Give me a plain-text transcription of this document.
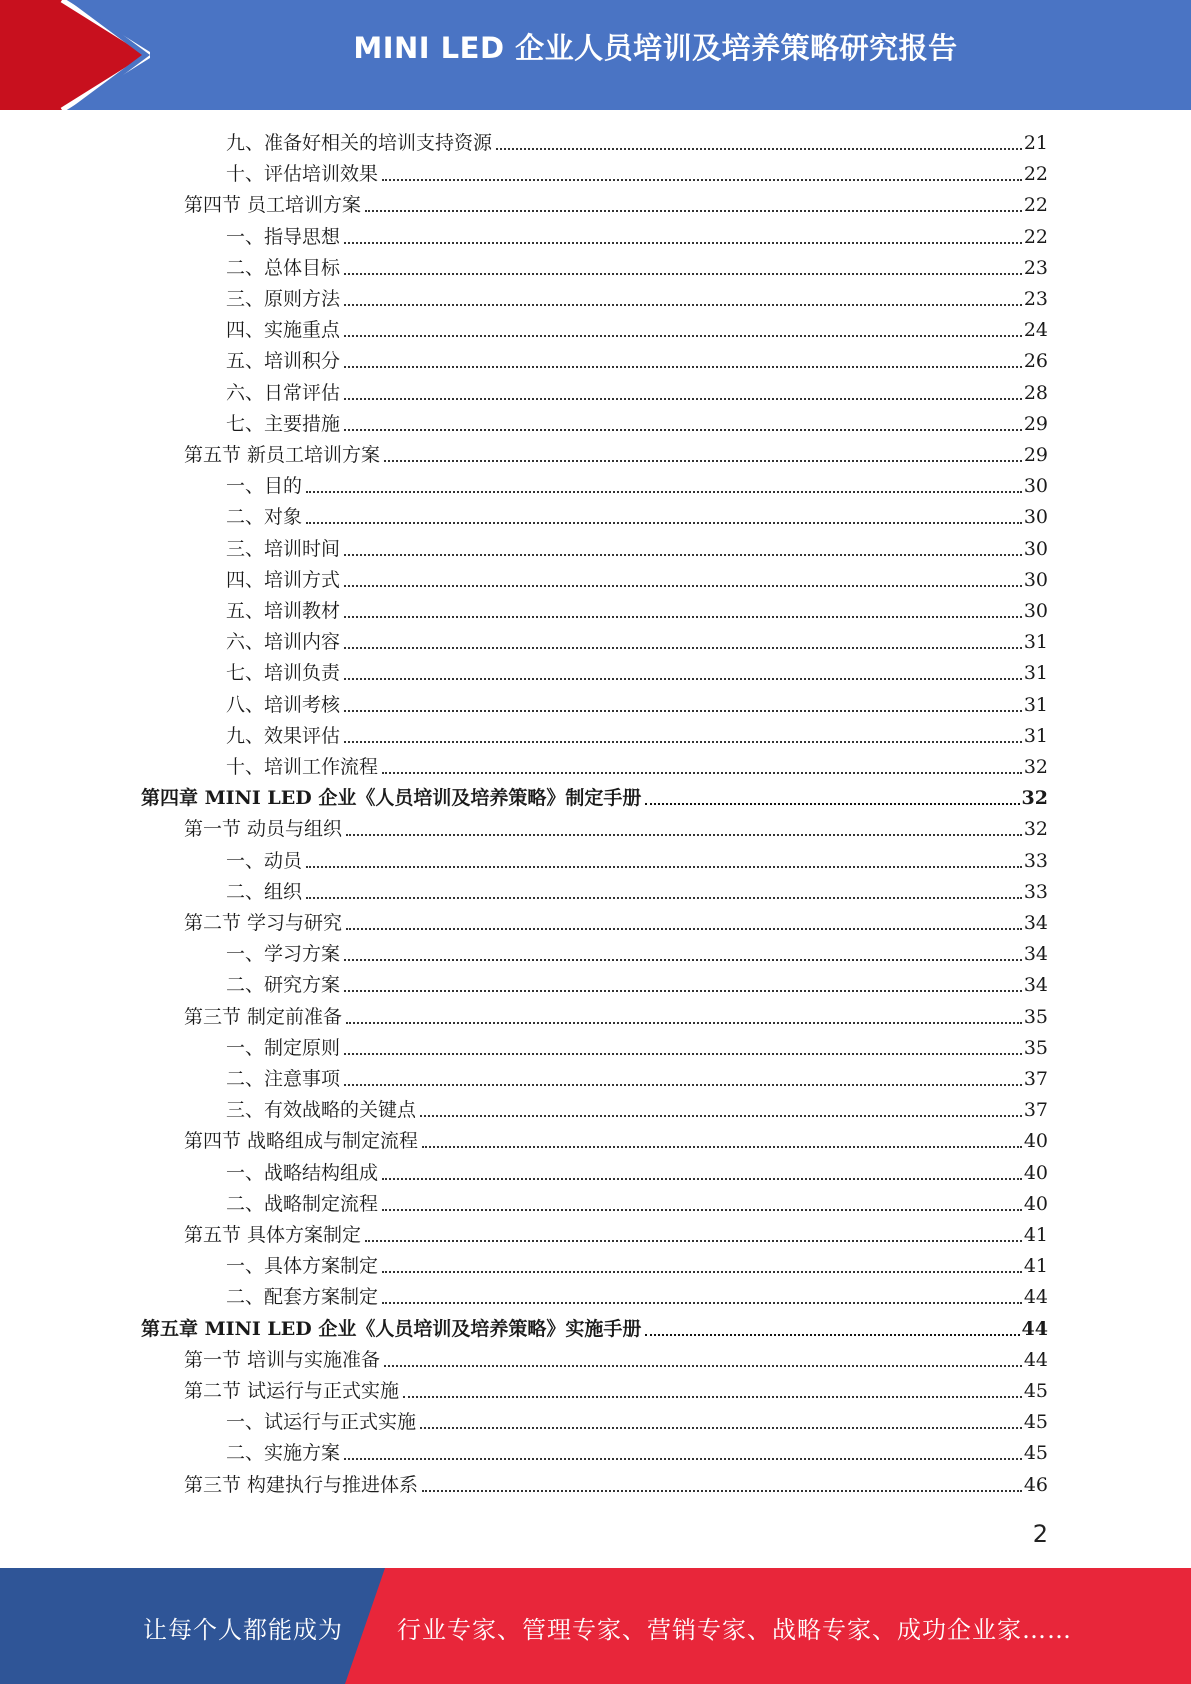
MINI LED 企业人员培训及培养策略研究报告
九、准备好相关的培训支持资源	21
十、评估培训效果	22
第四节 员工培训方案	22
一、指导思想	22
二、总体目标	23
三、原则方法	23
四、实施重点	24
五、培训积分	26
六、日常评估	28
七、主要措施	29
第五节 新员工培训方案	29
一、目的	30
二、对象	30
三、培训时间	30
四、培训方式	30
五、培训教材	30
六、培训内容	31
七、培训负责	31
八、培训考核	31
九、效果评估	31
十、培训工作流程	32
第四章 MINI LED 企业《人员培训及培养策略》制定手册	32
第一节 动员与组织	32
一、动员	33
二、组织	33
第二节 学习与研究	34
一、学习方案	34
二、研究方案	34
第三节 制定前准备	35
一、制定原则	35
二、注意事项	37
三、有效战略的关键点	37
第四节 战略组成与制定流程	40
一、战略结构组成	40
二、战略制定流程	40
第五节 具体方案制定	41
一、具体方案制定	41
二、配套方案制定	44
第五章 MINI LED 企业《人员培训及培养策略》实施手册	44
第一节 培训与实施准备	44
第二节 试运行与正式实施	45
一、试运行与正式实施	45
二、实施方案	45
第三节 构建执行与推进体系	46
2
让每个人都能成为 行业专家、管理专家、营销专家、战略专家、成功企业家……
